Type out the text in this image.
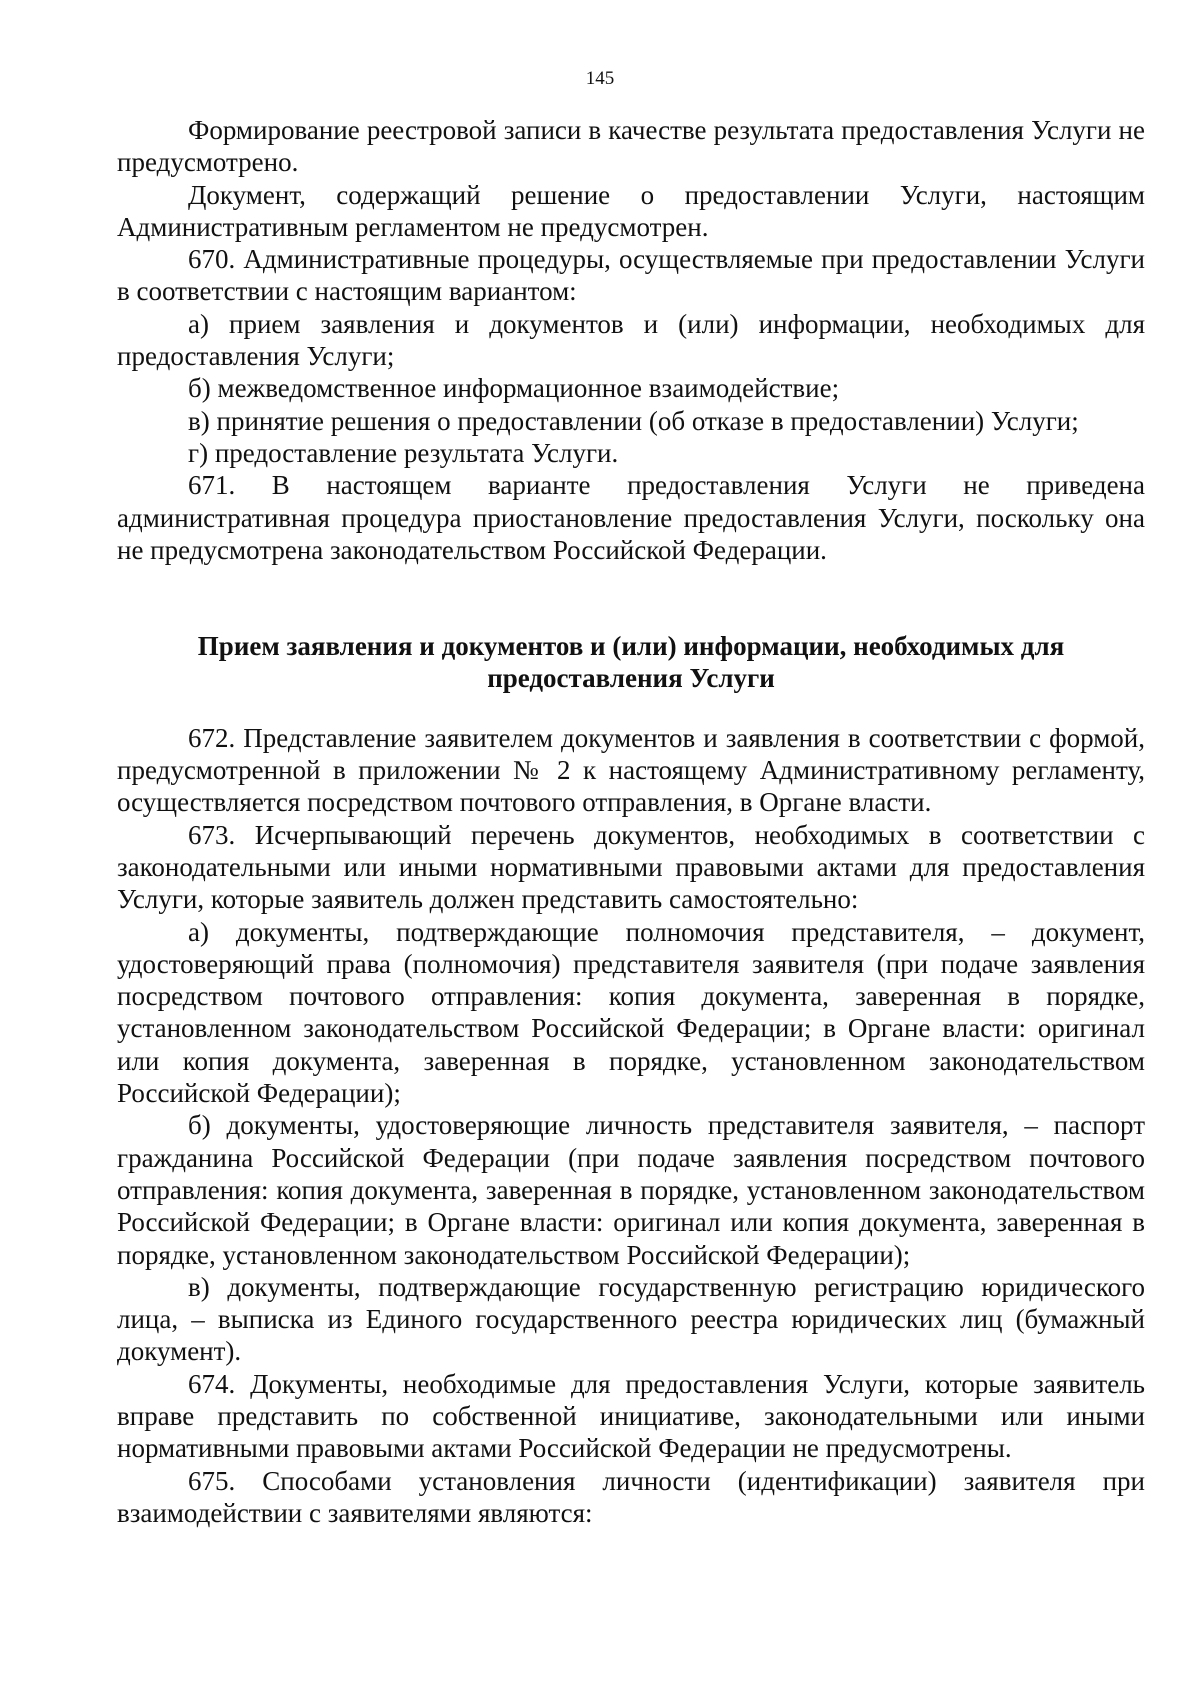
145

Формирование реестровой записи в качестве результата предоставления Услуги не предусмотрено.

Документ, содержащий решение о предоставлении Услуги, настоящим Административным регламентом не предусмотрен.

670. Административные процедуры, осуществляемые при предоставлении Услуги в соответствии с настоящим вариантом:

а) прием заявления и документов и (или) информации, необходимых для предоставления Услуги;

б) межведомственное информационное взаимодействие;

в) принятие решения о предоставлении (об отказе в предоставлении) Услуги;

г) предоставление результата Услуги.

671. В настоящем варианте предоставления Услуги не приведена административная процедура приостановление предоставления Услуги, поскольку она не предусмотрена законодательством Российской Федерации.

Прием заявления и документов и (или) информации, необходимых для
предоставления Услуги

672. Представление заявителем документов и заявления в соответствии с формой, предусмотренной в приложении № 2 к настоящему Административному регламенту, осуществляется посредством почтового отправления, в Органе власти.

673. Исчерпывающий перечень документов, необходимых в соответствии с законодательными или иными нормативными правовыми актами для предоставления Услуги, которые заявитель должен представить самостоятельно:

а) документы, подтверждающие полномочия представителя, – документ, удостоверяющий права (полномочия) представителя заявителя (при подаче заявления посредством почтового отправления: копия документа, заверенная в порядке, установленном законодательством Российской Федерации; в Органе власти: оригинал или копия документа, заверенная в порядке, установленном законодательством Российской Федерации);

б) документы, удостоверяющие личность представителя заявителя, – паспорт гражданина Российской Федерации (при подаче заявления посредством почтового отправления: копия документа, заверенная в порядке, установленном законодательством Российской Федерации; в Органе власти: оригинал или копия документа, заверенная в порядке, установленном законодательством Российской Федерации);

в) документы, подтверждающие государственную регистрацию юридического лица, – выписка из Единого государственного реестра юридических лиц (бумажный документ).

674. Документы, необходимые для предоставления Услуги, которые заявитель вправе представить по собственной инициативе, законодательными или иными нормативными правовыми актами Российской Федерации не предусмотрены.

675. Способами установления личности (идентификации) заявителя при взаимодействии с заявителями являются:
